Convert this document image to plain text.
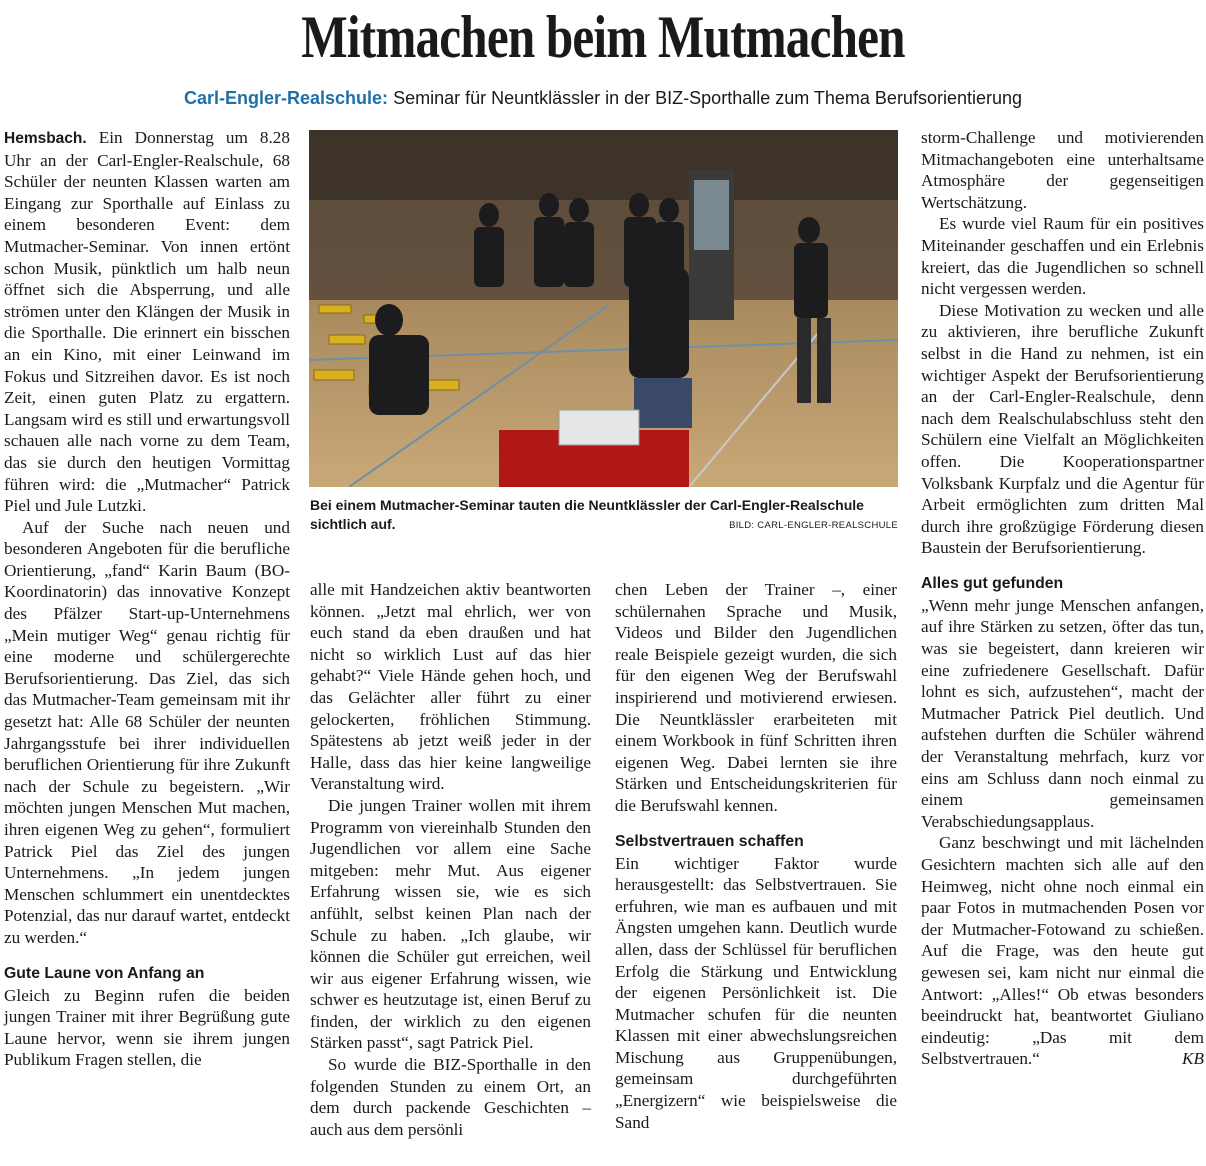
Mitmachen beim Mutmachen
Carl-Engler-Realschule: Seminar für Neuntklässler in der BIZ-Sporthalle zum Thema Berufsorientierung

Hemsbach. Ein Donnerstag um 8.28 Uhr an der Carl-Engler-Realschule, 68 Schüler der neunten Klassen warten am Eingang zur Sporthalle auf Einlass zu einem besonderen Event: dem Mutmacher-Seminar. Von innen ertönt schon Musik, pünktlich um halb neun öffnet sich die Absperrung, und alle strömen unter den Klängen der Musik in die Sporthalle. Die erinnert ein bisschen an ein Kino, mit einer Leinwand im Fokus und Sitzreihen davor. Es ist noch Zeit, einen guten Platz zu ergattern. Langsam wird es still und erwartungsvoll schauen alle nach vorne zu dem Team, das sie durch den heutigen Vormittag führen wird: die „Mutmacher“ Patrick Piel und Jule Lutzki.

Auf der Suche nach neuen und besonderen Angeboten für die berufliche Orientierung, „fand“ Karin Baum (BO-Koordinatorin) das innovative Konzept des Pfälzer Start-up-Unternehmens „Mein mutiger Weg“ genau richtig für eine moderne und schülergerechte Berufsorientierung. Das Ziel, das sich das Mutmacher-Team gemeinsam mit ihr gesetzt hat: Alle 68 Schüler der neunten Jahrgangsstufe bei ihrer individuellen beruflichen Orientierung für ihre Zukunft nach der Schule zu begeistern. „Wir möchten jungen Menschen Mut machen, ihren eigenen Weg zu gehen“, formuliert Patrick Piel das Ziel des jungen Unternehmens. „In jedem jungen Menschen schlummert ein unentdecktes Potenzial, das nur darauf wartet, entdeckt zu werden.“

Gute Laune von Anfang an

Gleich zu Beginn rufen die beiden jungen Trainer mit ihrer Begrüßung gute Laune hervor, wenn sie ihrem jungen Publikum Fragen stellen, die

Bei einem Mutmacher-Seminar tauten die Neuntklässler der Carl-Engler-Realschule sichtlich auf.	BILD: CARL-ENGLER-REALSCHULE

alle mit Handzeichen aktiv beantworten können. „Jetzt mal ehrlich, wer von euch stand da eben draußen und hat nicht so wirklich Lust auf das hier gehabt?“ Viele Hände gehen hoch, und das Gelächter aller führt zu einer gelockerten, fröhlichen Stimmung. Spätestens ab jetzt weiß jeder in der Halle, dass das hier keine langweilige Veranstaltung wird.

Die jungen Trainer wollen mit ihrem Programm von viereinhalb Stunden den Jugendlichen vor allem eine Sache mitgeben: mehr Mut. Aus eigener Erfahrung wissen sie, wie es sich anfühlt, selbst keinen Plan nach der Schule zu haben. „Ich glaube, wir können die Schüler gut erreichen, weil wir aus eigener Erfahrung wissen, wie schwer es heutzutage ist, einen Beruf zu finden, der wirklich zu den eigenen Stärken passt“, sagt Patrick Piel.

So wurde die BIZ-Sporthalle in den folgenden Stunden zu einem Ort, an dem durch packende Geschichten – auch aus dem persönli

chen Leben der Trainer –, einer schülernahen Sprache und Musik, Videos und Bilder den Jugendlichen reale Beispiele gezeigt wurden, die sich für den eigenen Weg der Berufswahl inspirierend und motivierend erwiesen. Die Neuntklässler erarbeiteten mit einem Workbook in fünf Schritten ihren eigenen Weg. Dabei lernten sie ihre Stärken und Entscheidungskriterien für die Berufswahl kennen.

Selbstvertrauen schaffen

Ein wichtiger Faktor wurde herausgestellt: das Selbstvertrauen. Sie erfuhren, wie man es aufbauen und mit Ängsten umgehen kann. Deutlich wurde allen, dass der Schlüssel für beruflichen Erfolg die Stärkung und Entwicklung der eigenen Persönlichkeit ist. Die Mutmacher schufen für die neunten Klassen mit einer abwechslungsreichen Mischung aus Gruppenübungen, gemeinsam durchgeführten „Energizern“ wie beispielsweise die Sand

storm-Challenge und motivierenden Mitmachangeboten eine unterhaltsame Atmosphäre der gegenseitigen Wertschätzung.

Es wurde viel Raum für ein positives Miteinander geschaffen und ein Erlebnis kreiert, das die Jugendlichen so schnell nicht vergessen werden.

Diese Motivation zu wecken und alle zu aktivieren, ihre berufliche Zukunft selbst in die Hand zu nehmen, ist ein wichtiger Aspekt der Berufsorientierung an der Carl-Engler-Realschule, denn nach dem Realschulabschluss steht den Schülern eine Vielfalt an Möglichkeiten offen. Die Kooperationspartner Volksbank Kurpfalz und die Agentur für Arbeit ermöglichten zum dritten Mal durch ihre großzügige Förderung diesen Baustein der Berufsorientierung.

Alles gut gefunden

„Wenn mehr junge Menschen anfangen, auf ihre Stärken zu setzen, öfter das tun, was sie begeistert, dann kreieren wir eine zufriedenere Gesellschaft. Dafür lohnt es sich, aufzustehen“, macht der Mutmacher Patrick Piel deutlich. Und aufstehen durften die Schüler während der Veranstaltung mehrfach, kurz vor eins am Schluss dann noch einmal zu einem gemeinsamen Verabschiedungsapplaus.

Ganz beschwingt und mit lächelnden Gesichtern machten sich alle auf den Heimweg, nicht ohne noch einmal ein paar Fotos in mutmachenden Posen vor der Mutmacher-Fotowand zu schießen. Auf die Frage, was den heute gut gewesen sei, kam nicht nur einmal die Antwort: „Alles!“ Ob etwas besonders beeindruckt hat, beantwortet Giuliano eindeutig: „Das mit dem Selbstvertrauen.“	KB
